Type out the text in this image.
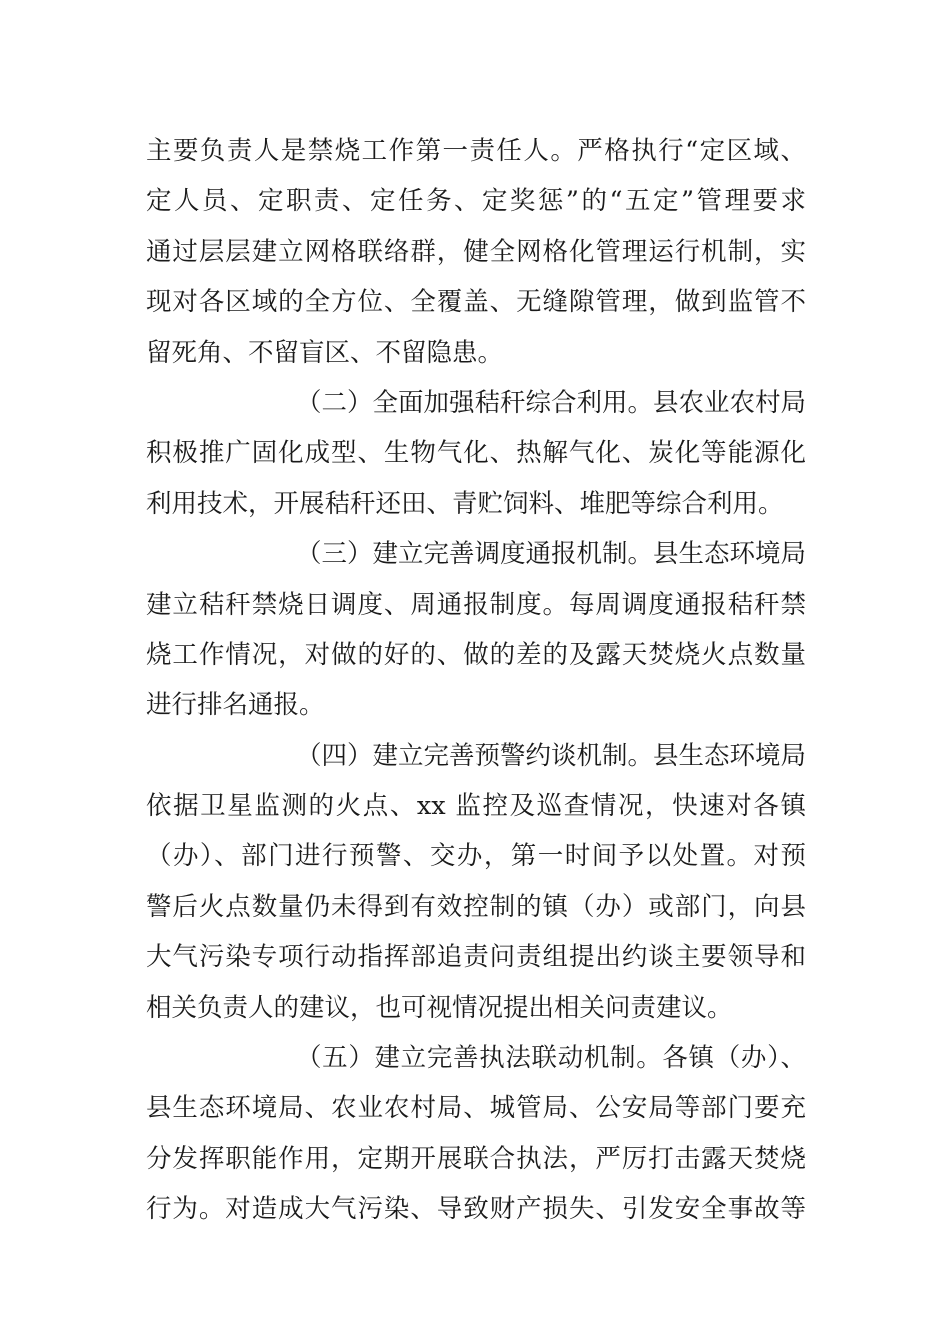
主要负责人是禁烧工作第一责任人。严格执行“定区域、
定人员、定职责、定任务、定奖惩”的“五定”管理要求
通过层层建立网格联络群，健全网格化管理运行机制，实
现对各区域的全方位、全覆盖、无缝隙管理，做到监管不
留死角、不留盲区、不留隐患。
（二）全面加强秸秆综合利用。县农业农村局
积极推广固化成型、生物气化、热解气化、炭化等能源化
利用技术，开展秸秆还田、青贮饲料、堆肥等综合利用。
（三）建立完善调度通报机制。县生态环境局
建立秸秆禁烧日调度、周通报制度。每周调度通报秸秆禁
烧工作情况，对做的好的、做的差的及露天焚烧火点数量
进行排名通报。
（四）建立完善预警约谈机制。县生态环境局
依据卫星监测的火点、xx 监控及巡查情况，快速对各镇
（办）、部门进行预警、交办，第一时间予以处置。对预
警后火点数量仍未得到有效控制的镇（办）或部门，向县
大气污染专项行动指挥部追责问责组提出约谈主要领导和
相关负责人的建议，也可视情况提出相关问责建议。
（五）建立完善执法联动机制。各镇（办）、
县生态环境局、农业农村局、城管局、公安局等部门要充
分发挥职能作用，定期开展联合执法，严厉打击露天焚烧
行为。对造成大气污染、导致财产损失、引发安全事故等
